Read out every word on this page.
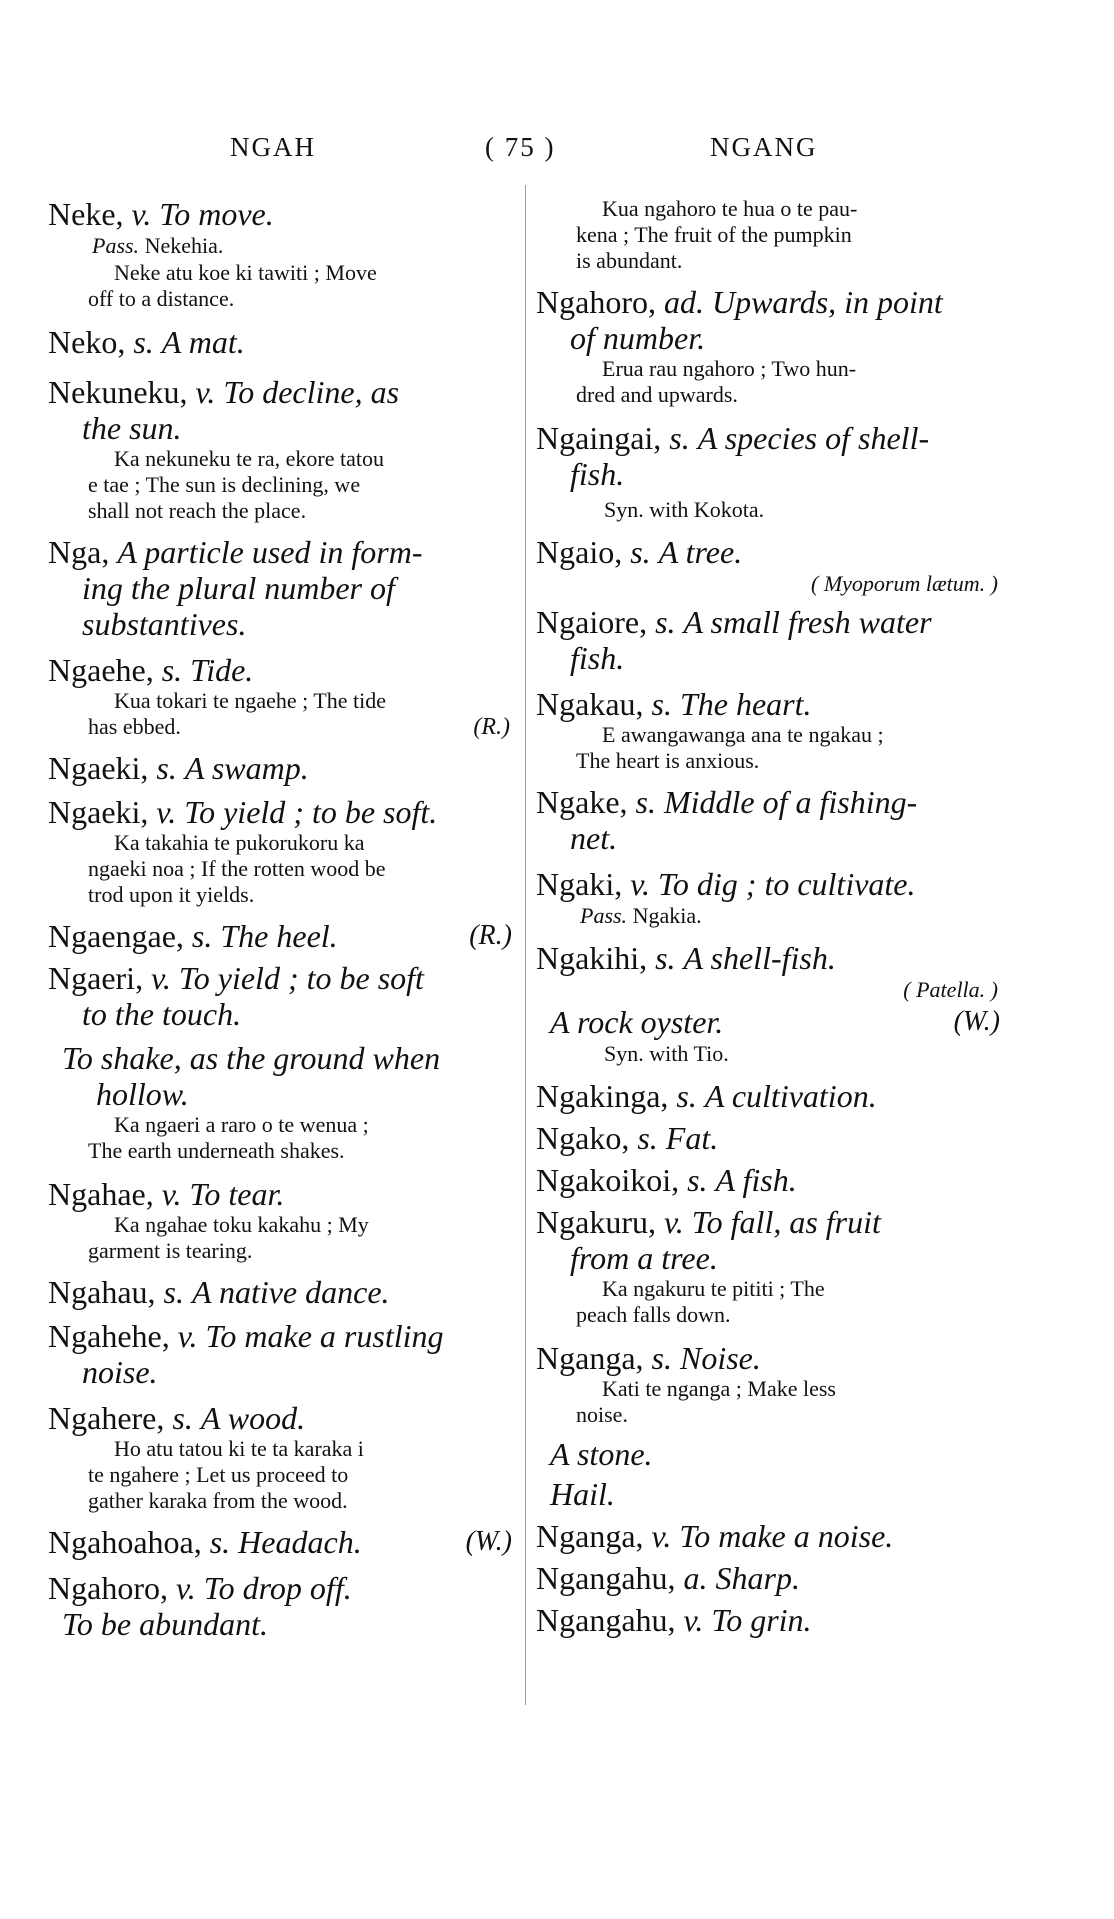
NGAH	( 75 )	NGANG
Neke, v. To move.
Pass. Nekehia.
Neke atu koe ki tawiti ; Move
off to a distance.
Neko, s. A mat.
Nekuneku, v. To decline, as
the sun.
Ka nekuneku te ra, ekore tatou
e tae ; The sun is declining, we
shall not reach the place.
Nga, A particle used in form-
ing the plural number of
substantives.
Ngaehe, s. Tide.
Kua tokari te ngaehe ; The tide
has ebbed.	(R.)
Ngaeki, s. A swamp.
Ngaeki, v. To yield ; to be soft.
Ka takahia te pukorukoru ka
ngaeki noa ; If the rotten wood be
trod upon it yields.
Ngaengae, s. The heel.	(R.)
Ngaeri, v. To yield ; to be soft
to the touch.
To shake, as the ground when
hollow.
Ka ngaeri a raro o te wenua ;
The earth underneath shakes.
Ngahae, v. To tear.
Ka ngahae toku kakahu ; My
garment is tearing.
Ngahau, s. A native dance.
Ngahehe, v. To make a rustling
noise.
Ngahere, s. A wood.
Ho atu tatou ki te ta karaka i
te ngahere ; Let us proceed to
gather karaka from the wood.
Ngahoahoa, s. Headach.	(W.)
Ngahoro, v. To drop off.
To be abundant.
Kua ngahoro te hua o te pau-
kena ; The fruit of the pumpkin
is abundant.
Ngahoro, ad. Upwards, in point
of number.
Erua rau ngahoro ; Two hun-
dred and upwards.
Ngaingai, s. A species of shell-
fish.
Syn. with Kokota.
Ngaio, s. A tree.
( Myoporum lætum. )
Ngaiore, s. A small fresh water
fish.
Ngakau, s. The heart.
E awangawanga ana te ngakau ;
The heart is anxious.
Ngake, s. Middle of a fishing-
net.
Ngaki, v. To dig ; to cultivate.
Pass. Ngakia.
Ngakihi, s. A shell-fish.
( Patella. )
A rock oyster.	(W.)
Syn. with Tio.
Ngakinga, s. A cultivation.
Ngako, s. Fat.
Ngakoikoi, s. A fish.
Ngakuru, v. To fall, as fruit
from a tree.
Ka ngakuru te pititi ; The
peach falls down.
Nganga, s. Noise.
Kati te nganga ; Make less
noise.
A stone.
Hail.
Nganga, v. To make a noise.
Ngangahu, a. Sharp.
Ngangahu, v. To grin.
